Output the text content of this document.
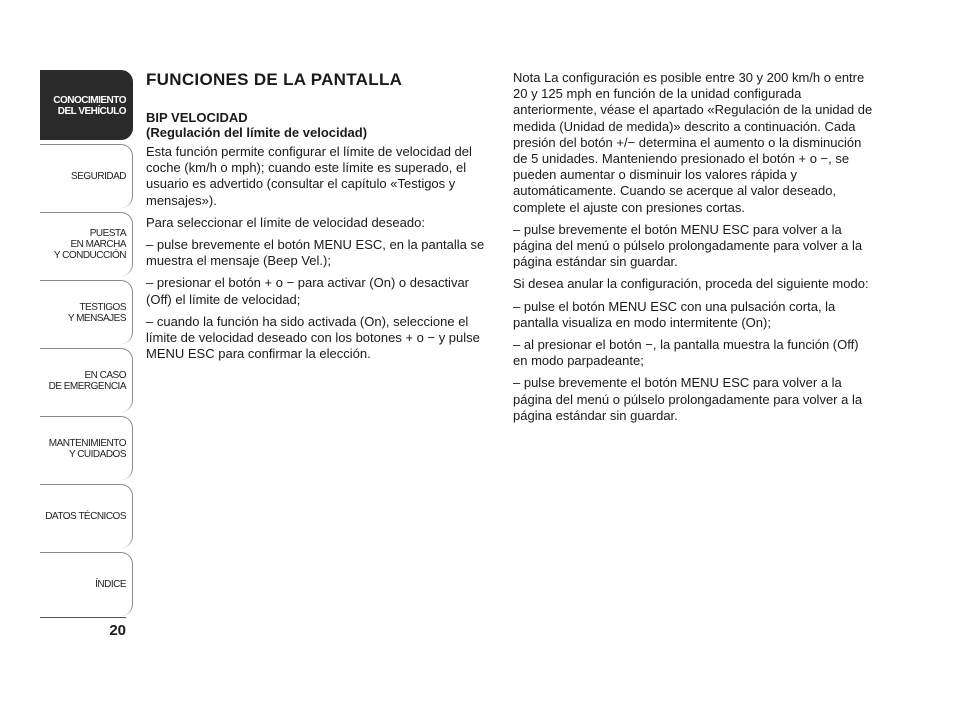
CONOCIMIENTO
DEL VEHÍCULO
SEGURIDAD
PUESTA
EN MARCHA
Y CONDUCCIÓN
TESTIGOS
Y MENSAJES
EN CASO
DE EMERGENCIA
MANTENIMIENTO
Y CUIDADOS
DATOS TÉCNICOS
ÍNDICE
20
FUNCIONES DE LA PANTALLA
BIP VELOCIDAD
(Regulación del límite de velocidad)

Esta función permite configurar el límite de velocidad del coche (km/h o mph); cuando este límite es superado, el usuario es advertido (consultar el capítulo «Testigos y mensajes»).

Para seleccionar el límite de velocidad deseado:

– pulse brevemente el botón MENU ESC, en la pantalla se muestra el mensaje (Beep Vel.);

– presionar el botón + o − para activar (On) o desactivar (Off) el límite de velocidad;

– cuando la función ha sido activada (On), seleccione el límite de velocidad deseado con los botones + o − y pulse MENU ESC para confirmar la elección.

Nota La configuración es posible entre 30 y 200 km/h o entre 20 y 125 mph en función de la unidad configurada anteriormente, véase el apartado «Regulación de la unidad de medida (Unidad de medida)» descrito a continuación. Cada presión del botón +/− determina el aumento o la disminución de 5 unidades. Manteniendo presionado el botón + o −, se pueden aumentar o disminuir los valores rápida y automáticamente. Cuando se acerque al valor deseado, complete el ajuste con presiones cortas.

– pulse brevemente el botón MENU ESC para volver a la página del menú o púlselo prolongadamente para volver a la página estándar sin guardar.

Si desea anular la configuración, proceda del siguiente modo:

– pulse el botón MENU ESC con una pulsación corta, la pantalla visualiza en modo intermitente (On);

– al presionar el botón −, la pantalla muestra la función (Off) en modo parpadeante;

– pulse brevemente el botón MENU ESC para volver a la página del menú o púlselo prolongadamente para volver a la página estándar sin guardar.
